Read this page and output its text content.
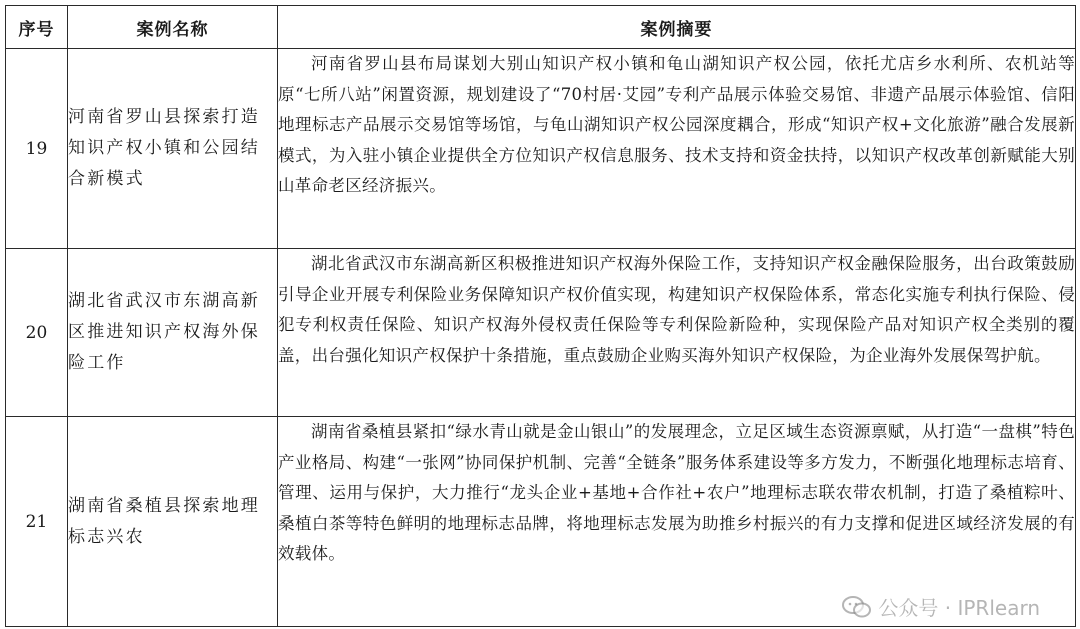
序号	案例名称	案例摘要
19	河南省罗山县探索打造知识产权小镇和公园结合新模式	河南省罗山县布局谋划大别山知识产权小镇和龟山湖知识产权公园，依托尤店乡水利所、农机站等原“七所八站”闲置资源，规划建设了“70村居·艾园”专利产品展示体验交易馆、非遗产品展示体验馆、信阳地理标志产品展示交易馆等场馆，与龟山湖知识产权公园深度耦合，形成“知识产权+文化旅游”融合发展新模式，为入驻小镇企业提供全方位知识产权信息服务、技术支持和资金扶持，以知识产权改革创新赋能大别山革命老区经济振兴。
20	湖北省武汉市东湖高新区推进知识产权海外保险工作	湖北省武汉市东湖高新区积极推进知识产权海外保险工作，支持知识产权金融保险服务，出台政策鼓励引导企业开展专利保险业务保障知识产权价值实现，构建知识产权保险体系，常态化实施专利执行保险、侵犯专利权责任保险、知识产权海外侵权责任保险等专利保险新险种，实现保险产品对知识产权全类别的覆盖，出台强化知识产权保护十条措施，重点鼓励企业购买海外知识产权保险，为企业海外发展保驾护航。
21	湖南省桑植县探索地理标志兴农	湖南省桑植县紧扣“绿水青山就是金山银山”的发展理念，立足区域生态资源禀赋，从打造“一盘棋”特色产业格局、构建“一张网”协同保护机制、完善“全链条”服务体系建设等多方发力，不断强化地理标志培育、管理、运用与保护，大力推行“龙头企业+基地+合作社+农户”地理标志联农带农机制，打造了桑植粽叶、桑植白茶等特色鲜明的地理标志品牌，将地理标志发展为助推乡村振兴的有力支撑和促进区域经济发展的有效载体。
公众号 · IPRlearn
